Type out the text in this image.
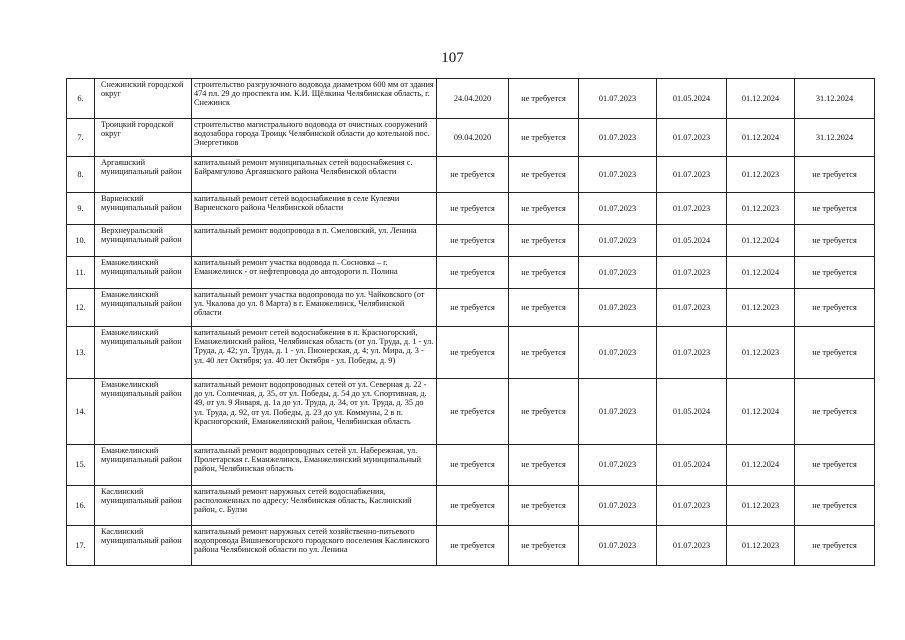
107
6.	Снежинский городской округ	строительство разгрузочного водовода диаметром 600 мм от здания 474 пл. 29 до проспекта им. К.И. Щёлкина Челябинская область, г. Снежинск	24.04.2020	не требуется	01.07.2023	01.05.2024	01.12.2024	31.12.2024
7.	Троицкий городской округ	строительство магистрального водовода от очистных сооружений водозабора города Троицк Челябинской области до котельной пос. Энергетиков	09.04.2020	не требуется	01.07.2023	01.07.2023	01.12.2024	31.12.2024
8.	Аргаяшский муниципальный район	капитальный ремонт муниципальных сетей водоснабжения с. Байрамгулово Аргаяшского района Челябинской области	не требуется	не требуется	01.07.2023	01.07.2023	01.12.2023	не требуется
9.	Варненский муниципальный район	капитальный ремонт сетей водоснабжения в селе Кулевчи Варненского района Челябинской области	не требуется	не требуется	01.07.2023	01.07.2023	01.12.2023	не требуется
10.	Верхнеуральский муниципальный район	капитальный ремонт водопровода в п. Смеловский, ул. Ленина	не требуется	не требуется	01.07.2023	01.05.2024	01.12.2024	не требуется
11.	Еманжелинский муниципальный район	капитальный ремонт участка водовода п. Сосновка – г. Еманжелинск - от нефтепровода до автодороги п. Полина	не требуется	не требуется	01.07.2023	01.07.2023	01.12.2024	не требуется
12.	Еманжелинский муниципальный район	капитальный ремонт участка водопровода по ул. Чайковского (от ул. Чкалова до ул. 8 Марта) в г. Еманжелинск, Челябинской области	не требуется	не требуется	01.07.2023	01.07.2023	01.12.2023	не требуется
13.	Еманжелинский муниципальный район	капитальный ремонт сетей водоснабжения в п. Красногорский, Еманжелинский район, Челябинская область (от ул. Труда, д. 1 - ул. Труда, д. 42; ул. Труда, д. 1 - ул. Пионерская, д. 4; ул. Мира, д. 3 - ул. 40 лет Октября; ул. 40 лет Октября - ул. Победы, д. 9)	не требуется	не требуется	01.07.2023	01.07.2023	01.12.2023	не требуется
14.	Еманжелинский муниципальный район	капитальный ремонт водопроводных сетей от ул. Северная д. 22 - до ул. Солнечная, д. 35, от ул. Победы, д. 54 до ул. Спортивная, д. 49, от ул. 9 Января, д. 1а до ул. Труда, д. 34, от ул. Труда, д. 35 до ул. Труда, д. 92, от ул. Победы, д. 23 до ул. Коммуны, 2 в п. Красногорский, Еманжелинский район, Челябинская область	не требуется	не требуется	01.07.2023	01.05.2024	01.12.2024	не требуется
15.	Еманжелинский муниципальный район	капитальный ремонт водопроводных сетей ул. Набережная, ул. Пролетарская г. Еманжелинск, Еманжелинский муниципальный район, Челябинская область	не требуется	не требуется	01.07.2023	01.05.2024	01.12.2024	не требуется
16.	Каслинский муниципальный район	капитальный ремонт наружных сетей водоснабжения, расположенных по адресу: Челябинская область, Каслинский район, с. Булзи	не требуется	не требуется	01.07.2023	01.07.2023	01.12.2023	не требуется
17.	Каслинский муниципальный район	капитальный ремонт наружных сетей хозяйственно-питьевого водопровода Вишневогорского городского поселения Каслинского района Челябинской области по ул. Ленина	не требуется	не требуется	01.07.2023	01.07.2023	01.12.2023	не требуется
